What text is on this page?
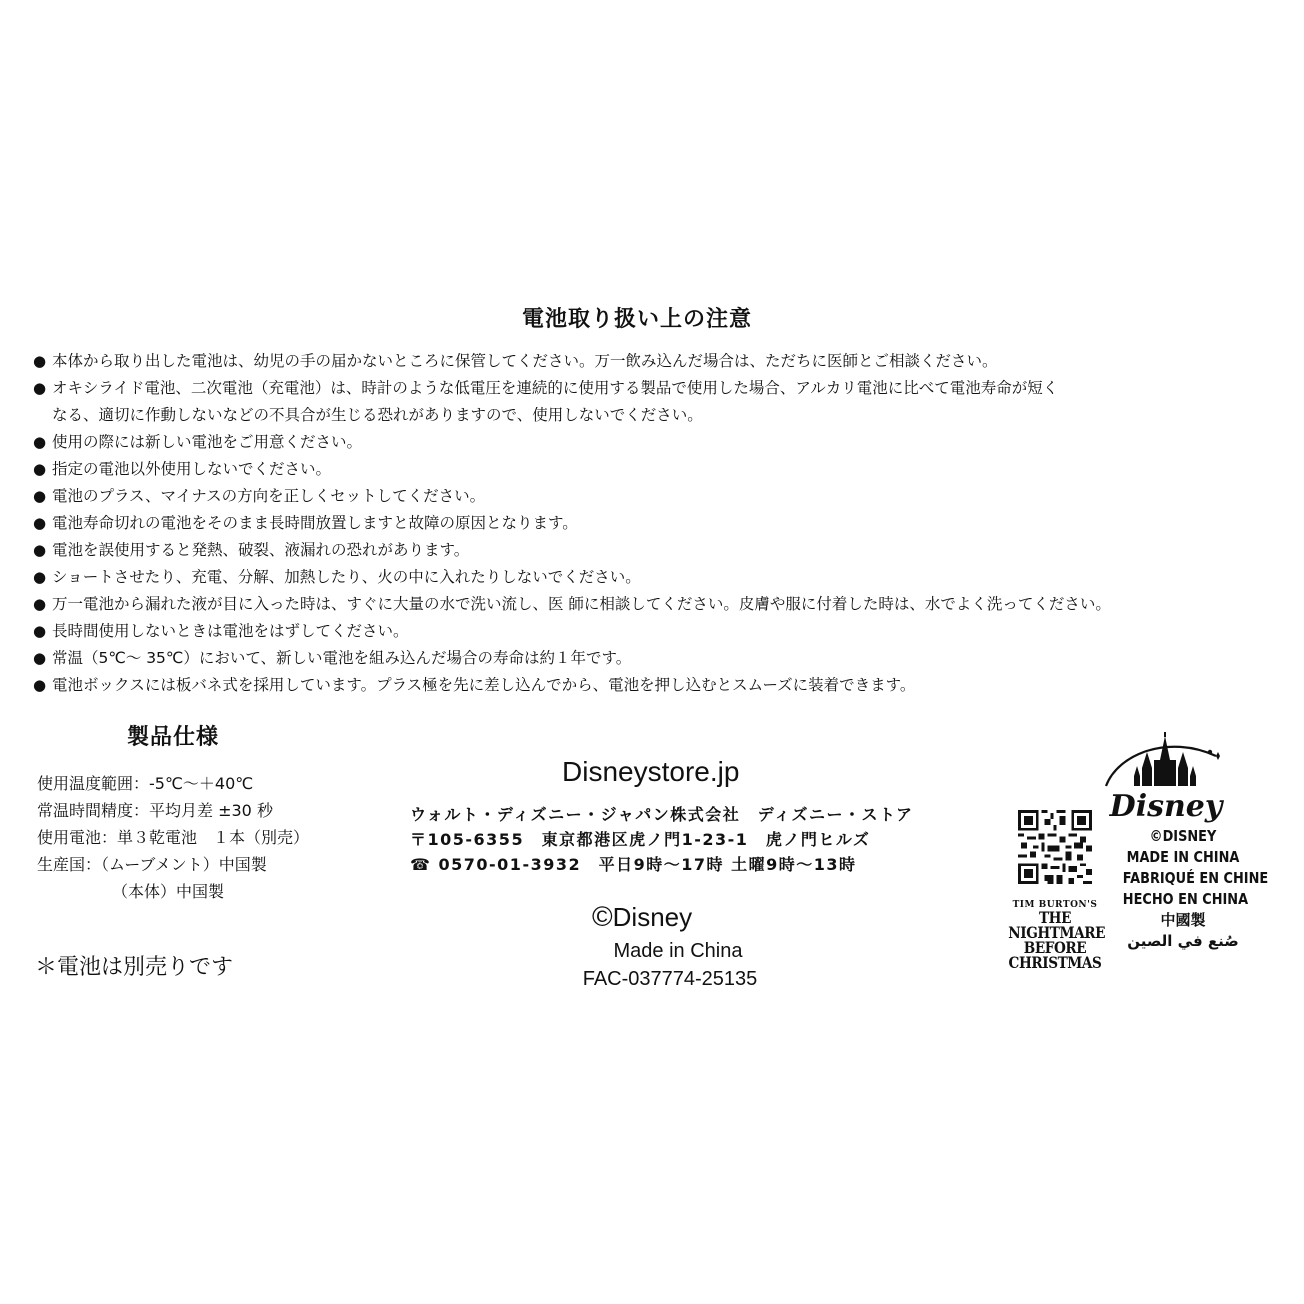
電池取り扱い上の注意
● 本体から取り出した電池は、幼児の手の届かないところに保管してください。万一飲み込んだ場合は、ただちに医師とご相談ください。
● オキシライド電池、二次電池（充電池）は、時計のような低電圧を連続的に使用する製品で使用した場合、アルカリ電池に比べて電池寿命が短く
なる、適切に作動しないなどの不具合が生じる恐れがありますので、使用しないでください。
● 使用の際には新しい電池をご用意ください。
● 指定の電池以外使用しないでください。
● 電池のプラス、マイナスの方向を正しくセットしてください。
● 電池寿命切れの電池をそのまま長時間放置しますと故障の原因となります。
● 電池を誤使用すると発熱、破裂、液漏れの恐れがあります。
● ショートさせたり、充電、分解、加熱したり、火の中に入れたりしないでください。
● 万一電池から漏れた液が目に入った時は、すぐに大量の水で洗い流し、医 師に相談してください。皮膚や服に付着した時は、水でよく洗ってください。
● 長時間使用しないときは電池をはずしてください。
● 常温（5℃～ 35℃）において、新しい電池を組み込んだ場合の寿命は約１年です。
● 電池ボックスには板バネ式を採用しています。プラス極を先に差し込んでから、電池を押し込むとスムーズに装着できます。
製品仕様
使用温度範囲：-5℃～＋40℃
常温時間精度：平均月差 ±30 秒
使用電池：単３乾電池　１本（別売）
生産国：（ムーブメント）中国製
（本体）中国製
＊電池は別売りです
Disneystore.jp
ウォルト・ディズニー・ジャパン株式会社　ディズニー・ストア
〒105-6355　東京都港区虎ノ門1-23-1　虎ノ門ヒルズ
☎ 0570-01-3932　平日9時～17時 土曜9時～13時
©Disney
Made in China
FAC-037774-25135
TIM BURTON'S
THE
NIGHTMARE
BEFORE
CHRISTMAS
Disney
©DISNEY
MADE IN CHINA
FABRIQUÉ EN CHINE
HECHO EN CHINA
中國製
صُنع في الصين
